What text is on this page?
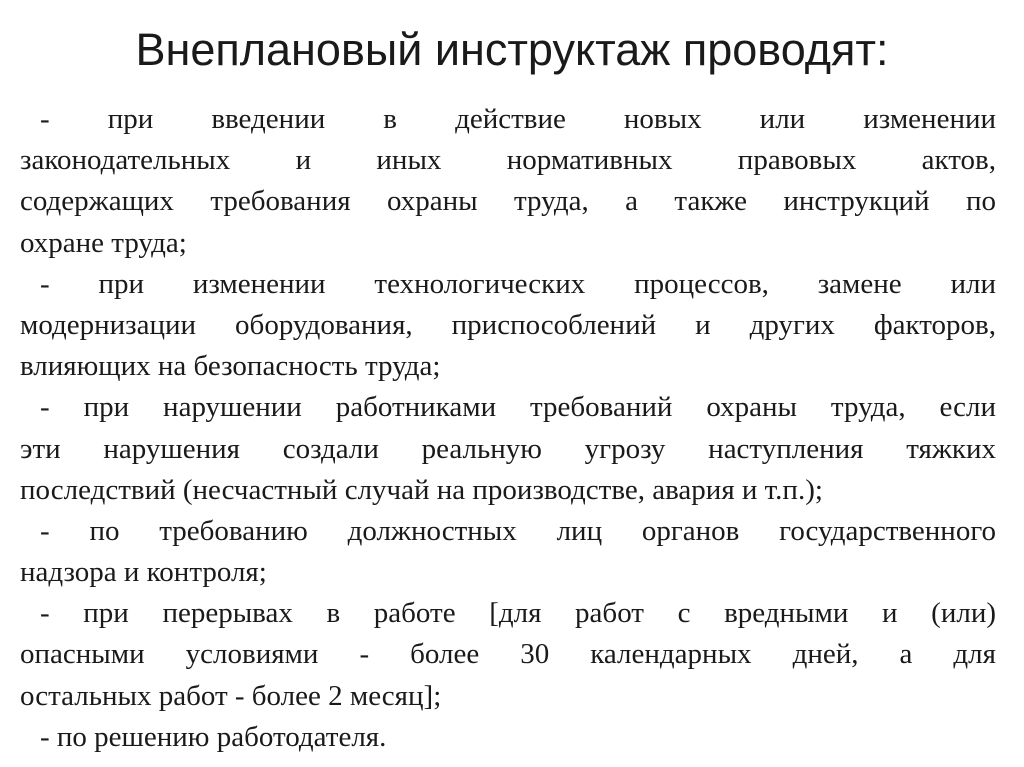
Внеплановый инструктаж проводят:
- при введении в действие новых или изменении
законодательных и иных нормативных правовых актов,
содержащих требования охраны труда, а также инструкций по
охране труда;
- при изменении технологических процессов, замене или
модернизации оборудования, приспособлений и других факторов,
влияющих на безопасность труда;
- при нарушении работниками требований охраны труда, если
эти нарушения создали реальную угрозу наступления тяжких
последствий (несчастный случай на производстве, авария и т.п.);
- по требованию должностных лиц органов государственного
надзора и контроля;
- при перерывах в работе [для работ с вредными и (или)
опасными условиями - более 30 календарных дней, а для
остальных работ - более 2 месяц];
- по решению работодателя.
